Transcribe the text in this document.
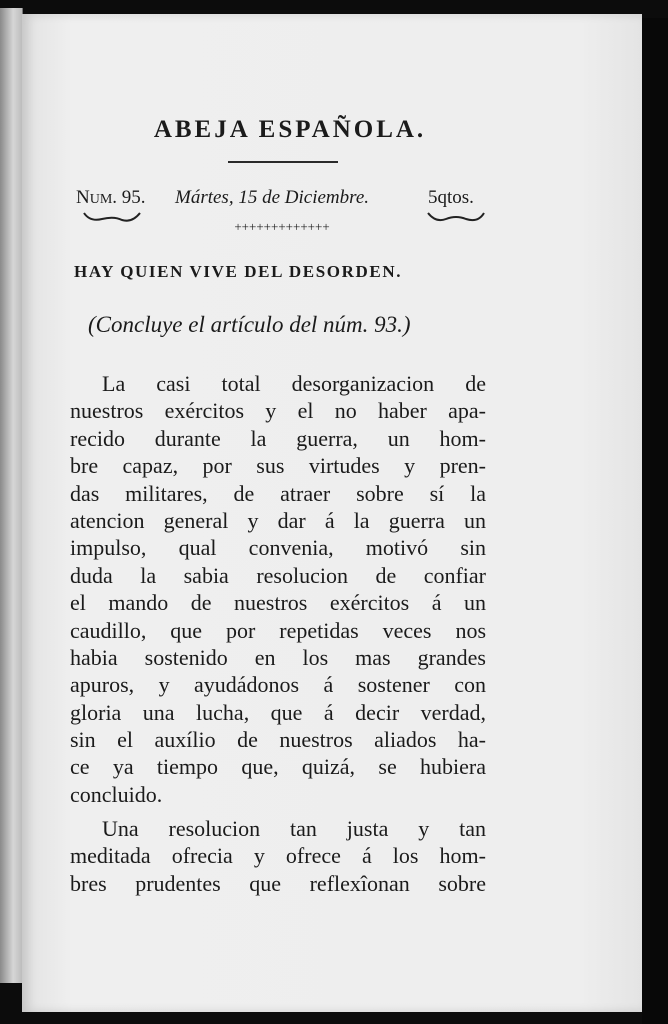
ABEJA ESPAÑOLA.
NUM. 95. Mártes, 15 de Diciembre.	5qtos.
+++++++++++++
HAY QUIEN VIVE DEL DESORDEN.
(Concluye el artículo del núm. 93.)
La casi total desorganizacion de
nuestros exércitos y el no haber apa-
recido durante la guerra, un hom-
bre capaz, por sus virtudes y pren-
das militares, de atraer sobre sí la
atencion general y dar á la guerra un
impulso, qual convenia, motivó sin
duda la sabia resolucion de confiar
el mando de nuestros exércitos á un
caudillo, que por repetidas veces nos
habia sostenido en los mas grandes
apuros, y ayudádonos á sostener con
gloria una lucha, que á decir verdad,
sin el auxílio de nuestros aliados ha-
ce ya tiempo que, quizá, se hubiera
concluido.
Una resolucion tan justa y tan
meditada ofrecia y ofrece á los hom-
bres prudentes que reflexîonan sobre
